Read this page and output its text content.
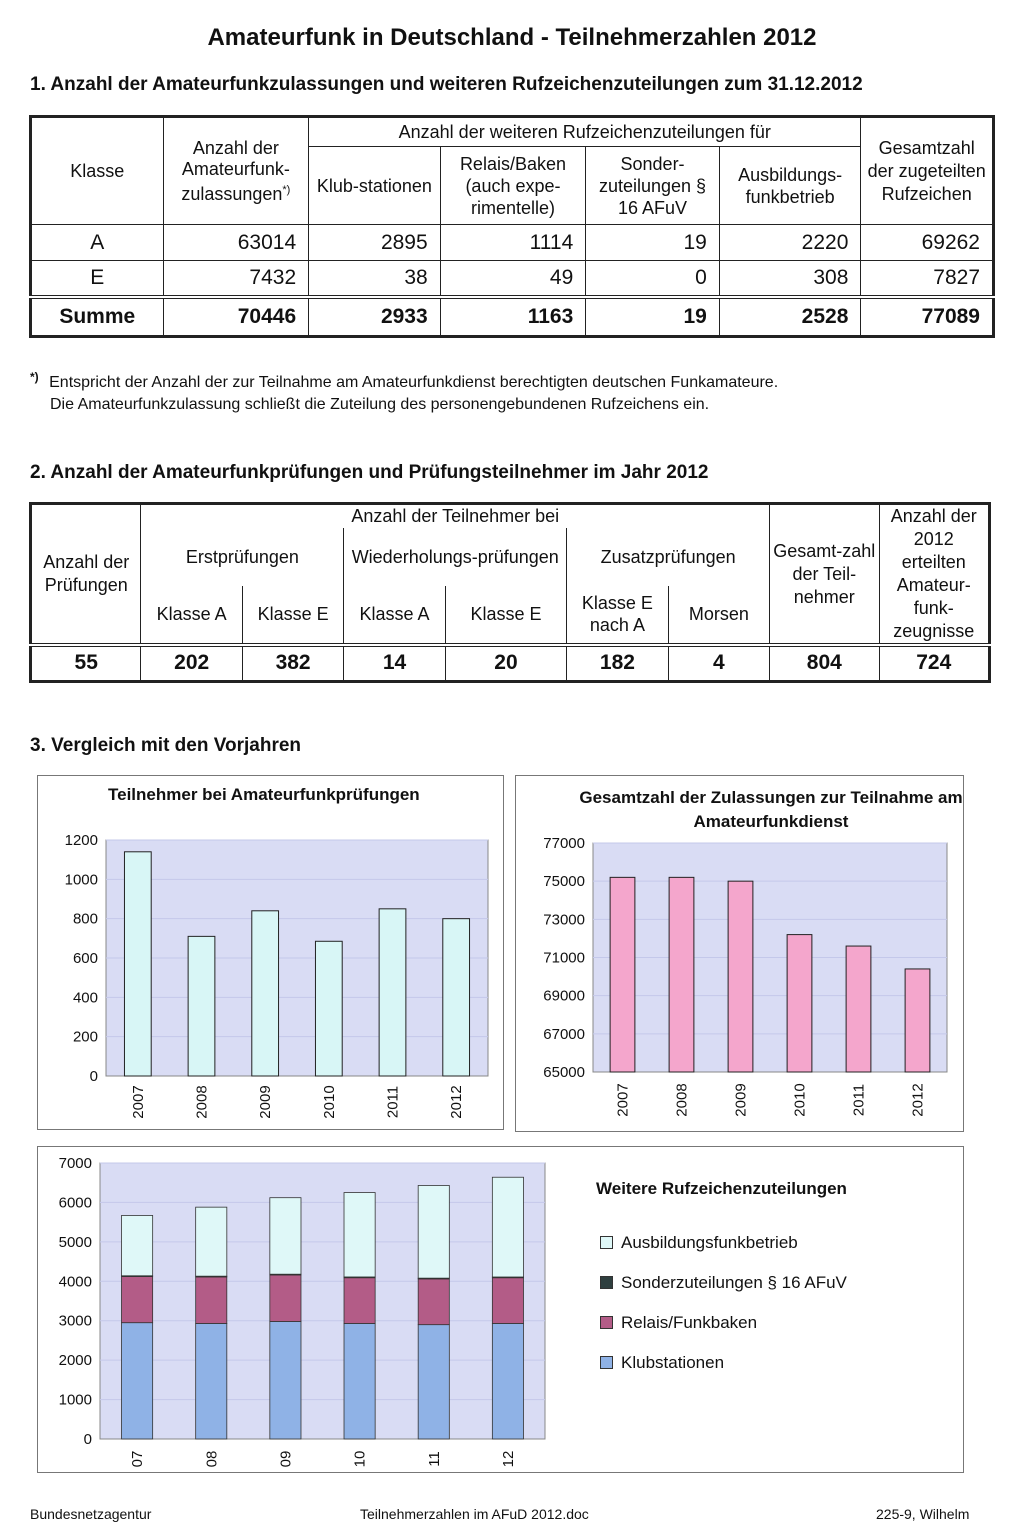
Amateurfunk in Deutschland - Teilnehmerzahlen 2012
1. Anzahl der Amateurfunkzulassungen und weiteren Rufzeichenzuteilungen zum 31.12.2012
Klasse	Anzahl der Amateurfunk-zulassungen*)	Anzahl der weiteren Rufzeichenzuteilungen für				Gesamtzahl der zugeteilten Rufzeichen
		Klub-stationen	Relais/Baken (auch expe-rimentelle)	Sonder-zuteilungen § 16 AFuV	Ausbildungs-funkbetrieb	
A	63014	2895	1114	19	2220	69262
E	7432	38	49	0	308	7827
Summe	70446	2933	1163	19	2528	77089
*) Entspricht der Anzahl der zur Teilnahme am Amateurfunkdienst berechtigten deutschen Funkamateure.
Die Amateurfunkzulassung schließt die Zuteilung des personengebundenen Rufzeichens ein.
2. Anzahl der Amateurfunkprüfungen und Prüfungsteilnehmer im Jahr 2012
Anzahl der Prüfungen	Anzahl der Teilnehmer bei						Gesamt-zahl der Teil-nehmer	Anzahl der 2012 erteilten Amateur-funk-zeugnisse
	Erstprüfungen		Wiederholungs-prüfungen		Zusatzprüfungen			
	Klasse A	Klasse E	Klasse A	Klasse E	Klasse E nach A	Morsen		
55	202	382	14	20	182	4	804	724
3. Vergleich mit den Vorjahren
Teilnehmer bei Amateurfunkprüfungen
0
200
400
600
800
1000
1200
2007	2008	2009	2010	2011	2012
Gesamtzahl der Zulassungen zur Teilnahme am Amateurfunkdienst
65000
67000
69000
71000
73000
75000
77000
2007	2008	2009	2010	2011	2012
0
1000
2000
3000
4000
5000
6000
7000
07	08	09	10	11	12
Weitere Rufzeichenzuteilungen
Ausbildungsfunkbetrieb
Sonderzuteilungen § 16 AFuV
Relais/Funkbaken
Klubstationen
Bundesnetzagentur	Teilnehmerzahlen im AFuD 2012.doc	225-9, Wilhelm
